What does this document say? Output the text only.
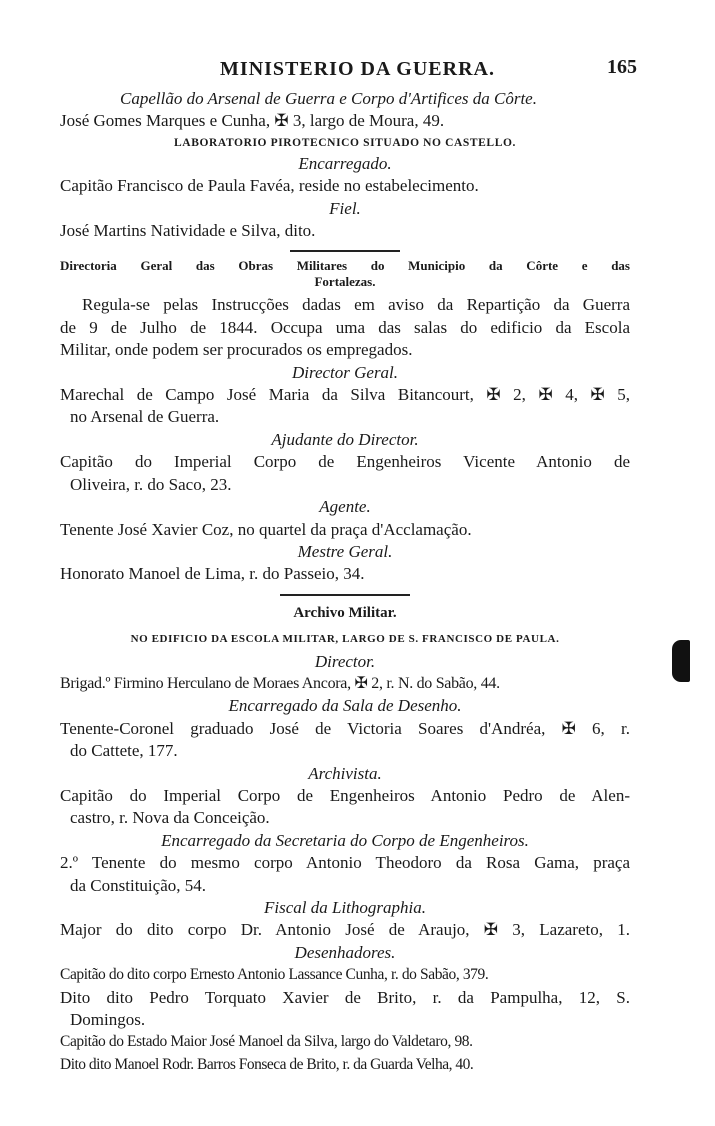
MINISTERIO DA GUERRA.	165
Capellão do Arsenal de Guerra e Corpo d'Artifices da Côrte.
José Gomes Marques e Cunha, ✠ 3, largo de Moura, 49.
LABORATORIO PIROTECNICO SITUADO NO CASTELLO.
Encarregado.
Capitão Francisco de Paula Favéa, reside no estabelecimento.
Fiel.
José Martins Natividade e Silva, dito.
Directoria Geral das Obras Militares do Municipio da Côrte e das
Fortalezas.
Regula-se pelas Instrucções dadas em aviso da Repartição da Guerra
de 9 de Julho de 1844. Occupa uma das salas do edificio da Escola
Militar, onde podem ser procurados os empregados.
Director Geral.
Marechal de Campo José Maria da Silva Bitancourt, ✠ 2, ✠ 4, ✠ 5,
no Arsenal de Guerra.
Ajudante do Director.
Capitão do Imperial Corpo de Engenheiros Vicente Antonio de
Oliveira, r. do Saco, 23.
Agente.
Tenente José Xavier Coz, no quartel da praça d'Acclamação.
Mestre Geral.
Honorato Manoel de Lima, r. do Passeio, 34.
Archivo Militar.
NO EDIFICIO DA ESCOLA MILITAR, LARGO DE S. FRANCISCO DE PAULA.
Director.
Brigad.º Firmino Herculano de Moraes Ancora, ✠ 2, r. N. do Sabão, 44.
Encarregado da Sala de Desenho.
Tenente-Coronel graduado José de Victoria Soares d'Andréa, ✠ 6, r.
do Cattete, 177.
Archivista.
Capitão do Imperial Corpo de Engenheiros Antonio Pedro de Alen-
castro, r. Nova da Conceição.
Encarregado da Secretaria do Corpo de Engenheiros.
2.º Tenente do mesmo corpo Antonio Theodoro da Rosa Gama, praça
da Constituição, 54.
Fiscal da Lithographia.
Major do dito corpo Dr. Antonio José de Araujo, ✠ 3, Lazareto, 1.
Desenhadores.
Capitão do dito corpo Ernesto Antonio Lassance Cunha, r. do Sabão, 379.
Dito dito Pedro Torquato Xavier de Brito, r. da Pampulha, 12, S.
Domingos.
Capitão do Estado Maior José Manoel da Silva, largo do Valdetaro, 98.
Dito dito Manoel Rodr. Barros Fonseca de Brito, r. da Guarda Velha, 40.
